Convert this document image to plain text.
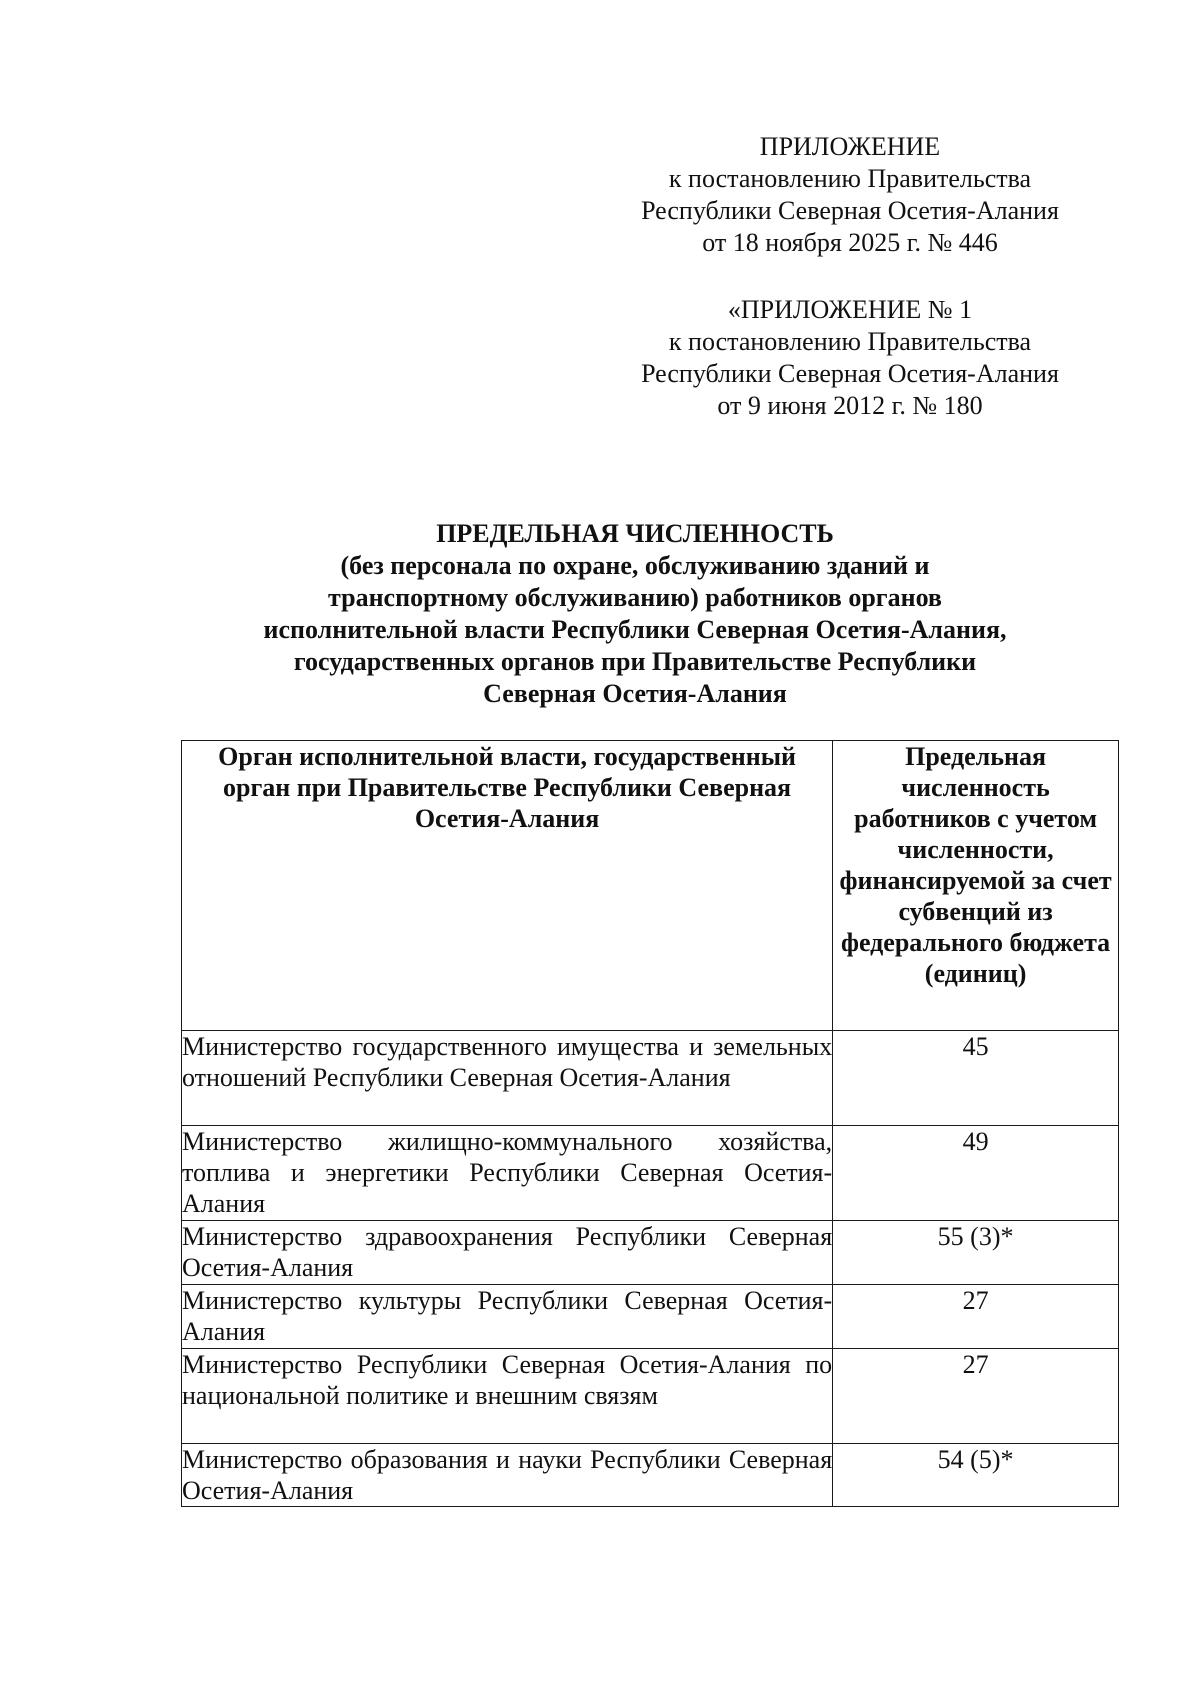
ПРИЛОЖЕНИЕ
к постановлению Правительства
Республики Северная Осетия-Алания
от 18 ноября 2025 г. № 446
«ПРИЛОЖЕНИЕ № 1
к постановлению Правительства
Республики Северная Осетия-Алания
от 9 июня 2012 г. № 180
ПРЕДЕЛЬНАЯ ЧИСЛЕННОСТЬ
(без персонала по охране, обслуживанию зданий и
транспортному обслуживанию) работников органов
исполнительной власти Республики Северная Осетия-Алания,
государственных органов при Правительстве Республики
Северная Осетия-Алания
Орган исполнительной власти, государственный орган при Правительстве Республики Северная Осетия-Алания	Предельная численность работников с учетом численности, финансируемой за счет субвенций из федерального бюджета (единиц)
Министерство государственного имущества и земельных отношений Республики Северная Осетия-Алания	45
Министерство жилищно-коммунального хозяйства, топлива и энергетики Республики Северная Осетия-Алания	49
Министерство здравоохранения Республики Северная Осетия-Алания	55 (3)*
Министерство культуры Республики Северная Осетия-Алания	27
Министерство Республики Северная Осетия-Алания по национальной политике и внешним связям	27
Министерство образования и науки Республики Северная Осетия-Алания	54 (5)*
